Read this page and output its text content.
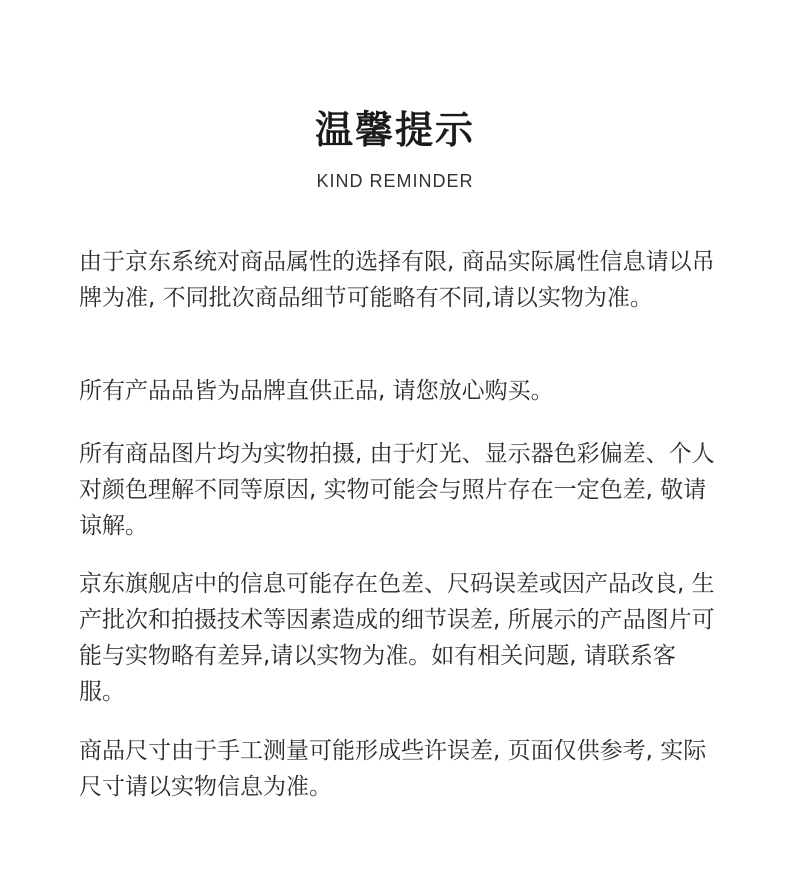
温馨提示
KIND REMINDER

由于京东系统对商品属性的选择有限, 商品实际属性信息请以吊牌为准, 不同批次商品细节可能略有不同,请以实物为准。

所有产品品皆为品牌直供正品, 请您放心购买。

所有商品图片均为实物拍摄, 由于灯光、显示器色彩偏差、个人对颜色理解不同等原因, 实物可能会与照片存在一定色差, 敬请谅解。

京东旗舰店中的信息可能存在色差、尺码误差或因产品改良, 生产批次和拍摄技术等因素造成的细节误差, 所展示的产品图片可能与实物略有差异,请以实物为准。如有相关问题, 请联系客服。

商品尺寸由于手工测量可能形成些许误差, 页面仅供参考, 实际尺寸请以实物信息为准。
